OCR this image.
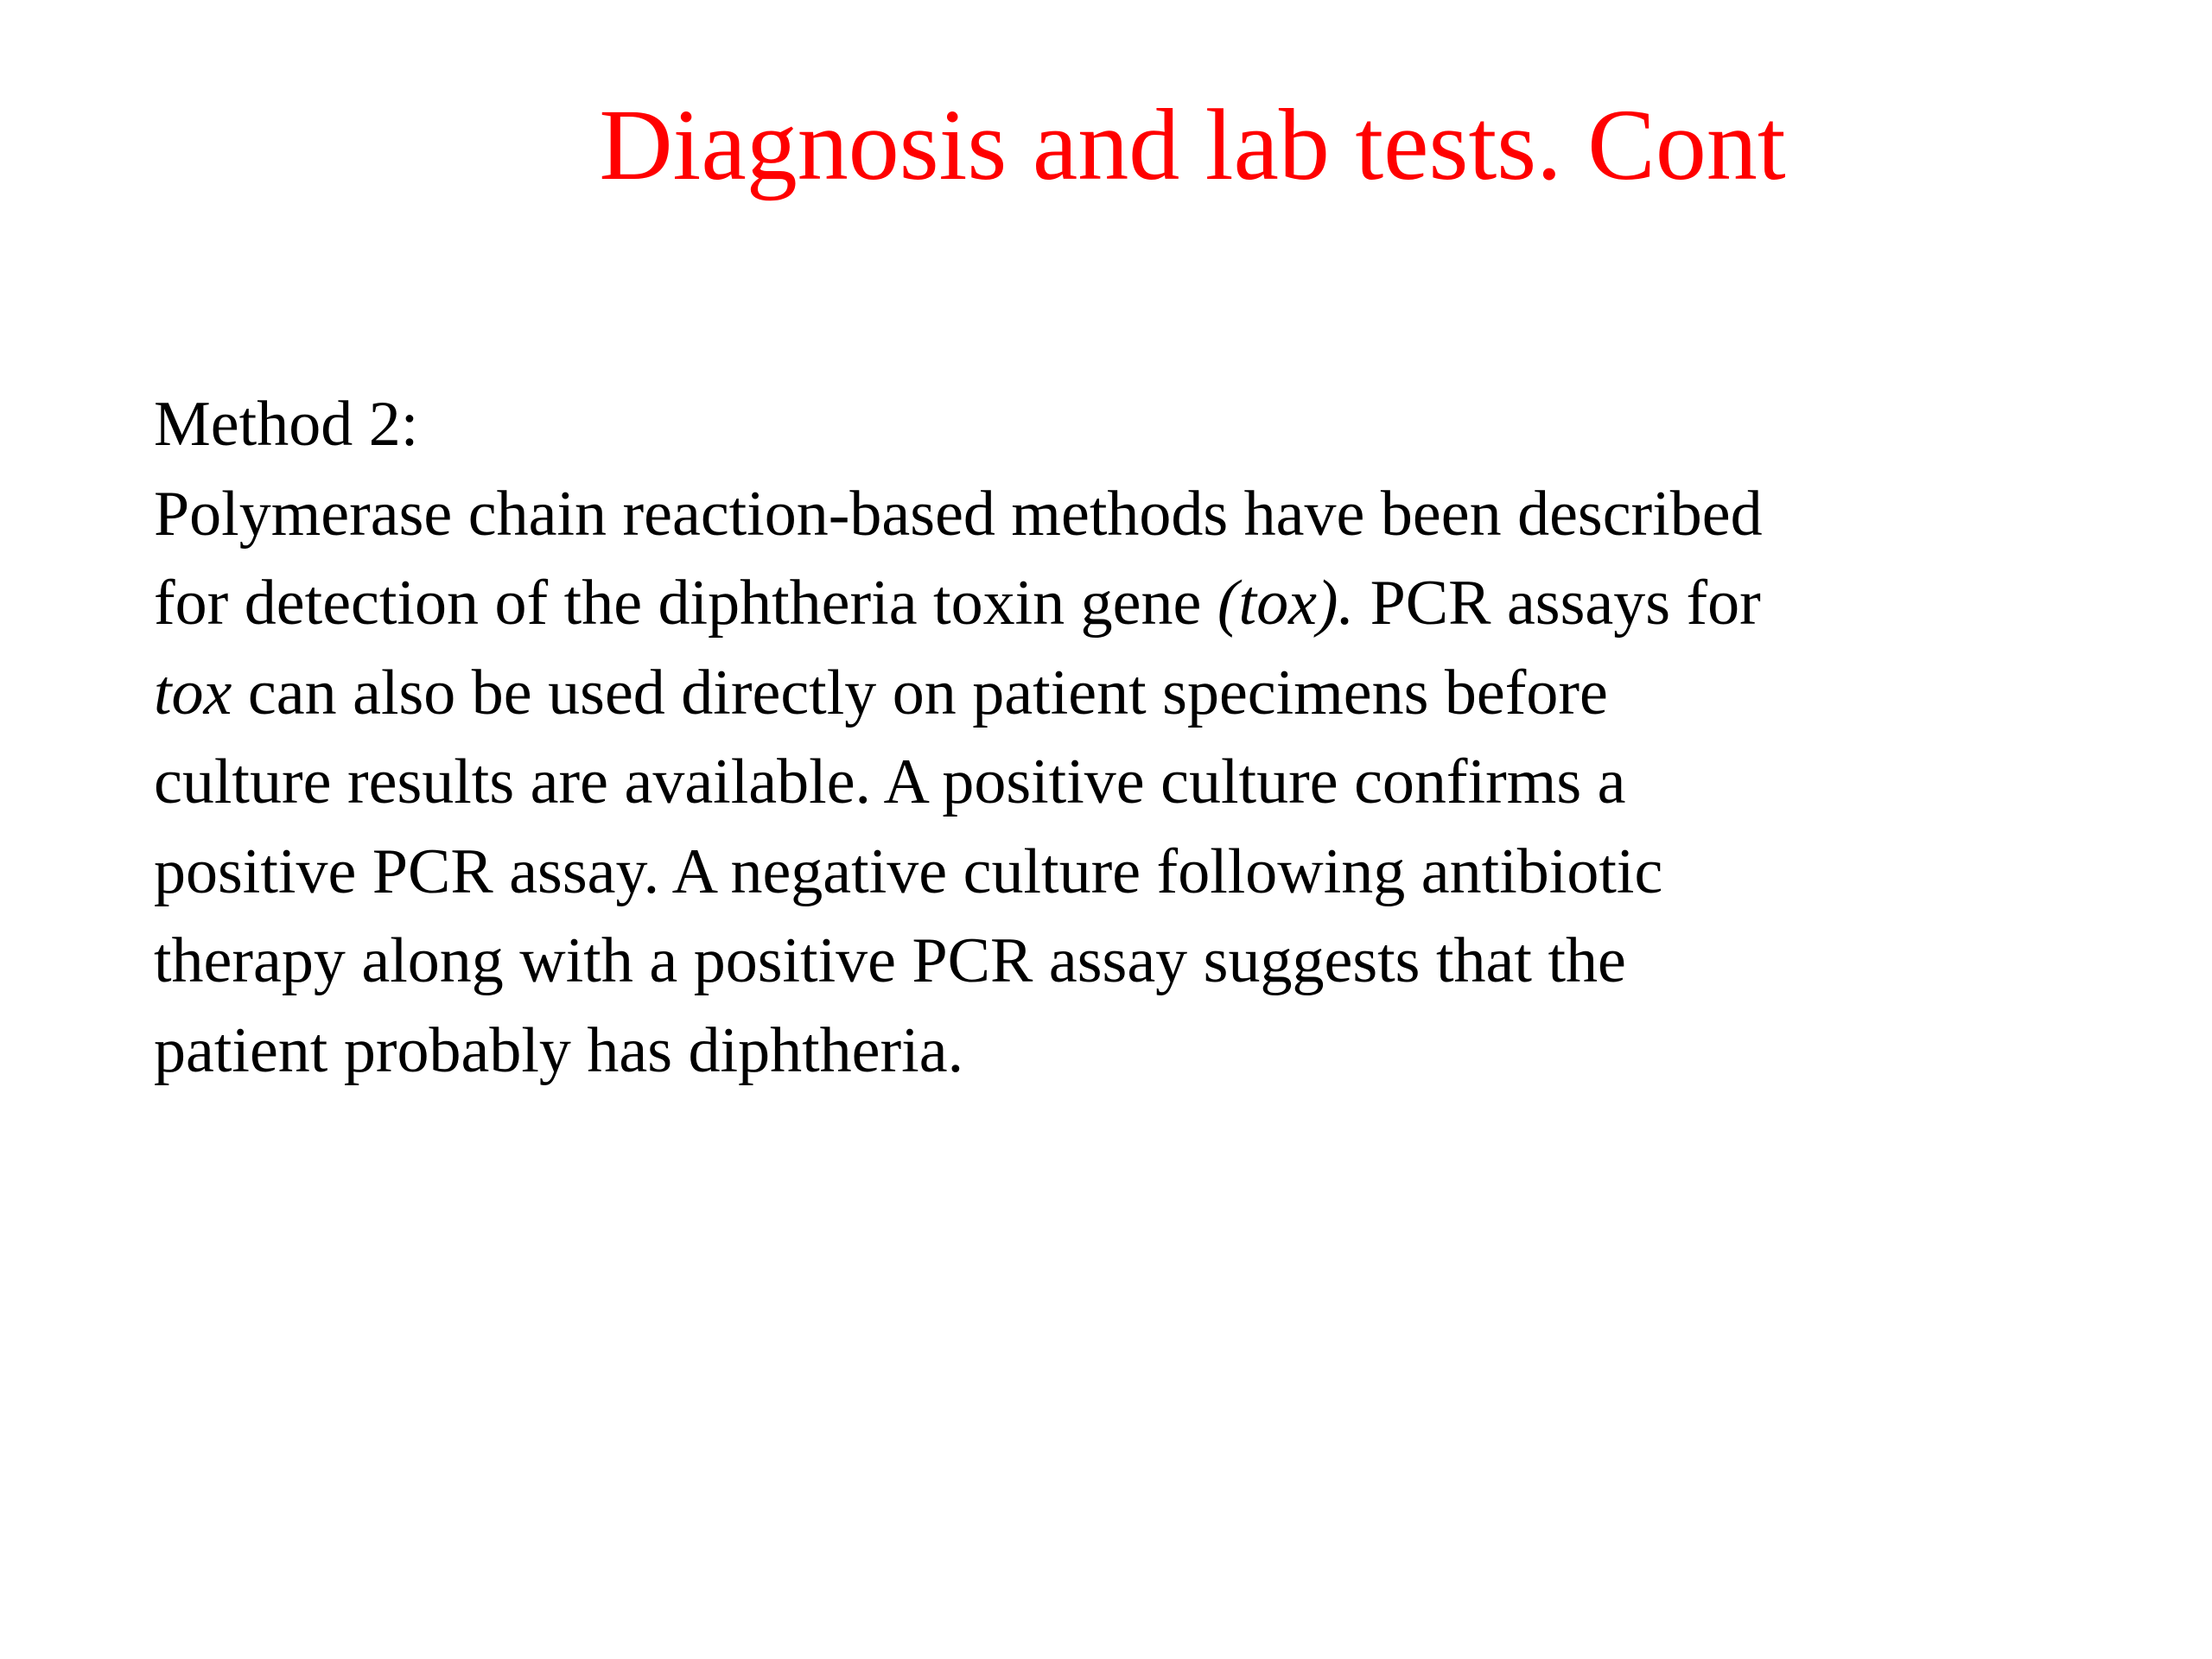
Diagnosis and lab tests. Cont
Method 2:
Polymerase chain reaction-based methods have been described
for detection of the diphtheria toxin gene (tox). PCR assays for
tox can also be used directly on patient specimens before
culture results are available. A positive culture confirms a
positive PCR assay. A negative culture following antibiotic
therapy along with a positive PCR assay suggests that the
patient probably has diphtheria.
